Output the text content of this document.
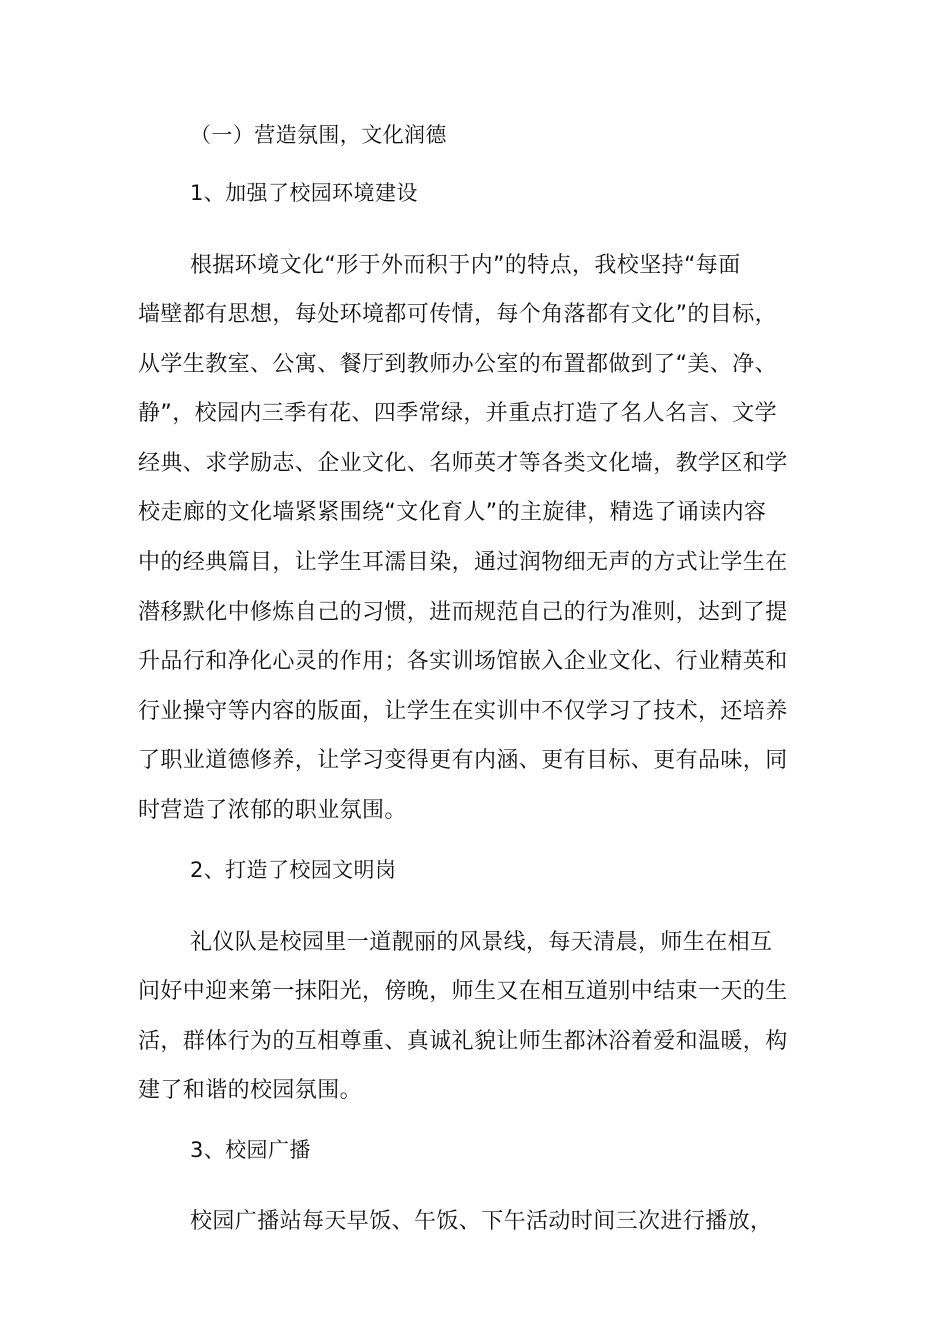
（一）营造氛围，文化润德
1、加强了校园环境建设
根据环境文化“形于外而积于内”的特点，我校坚持“每面
墙壁都有思想，每处环境都可传情，每个角落都有文化”的目标，
从学生教室、公寓、餐厅到教师办公室的布置都做到了“美、净、
静”，校园内三季有花、四季常绿，并重点打造了名人名言、文学
经典、求学励志、企业文化、名师英才等各类文化墙，教学区和学
校走廊的文化墙紧紧围绕“文化育人”的主旋律，精选了诵读内容
中的经典篇目，让学生耳濡目染，通过润物细无声的方式让学生在
潜移默化中修炼自己的习惯，进而规范自己的行为准则，达到了提
升品行和净化心灵的作用；各实训场馆嵌入企业文化、行业精英和
行业操守等内容的版面，让学生在实训中不仅学习了技术，还培养
了职业道德修养，让学习变得更有内涵、更有目标、更有品味，同
时营造了浓郁的职业氛围。
2、打造了校园文明岗
礼仪队是校园里一道靓丽的风景线，每天清晨，师生在相互
问好中迎来第一抹阳光，傍晚，师生又在相互道别中结束一天的生
活，群体行为的互相尊重、真诚礼貌让师生都沐浴着爱和温暖，构
建了和谐的校园氛围。
3、校园广播
校园广播站每天早饭、午饭、下午活动时间三次进行播放，
